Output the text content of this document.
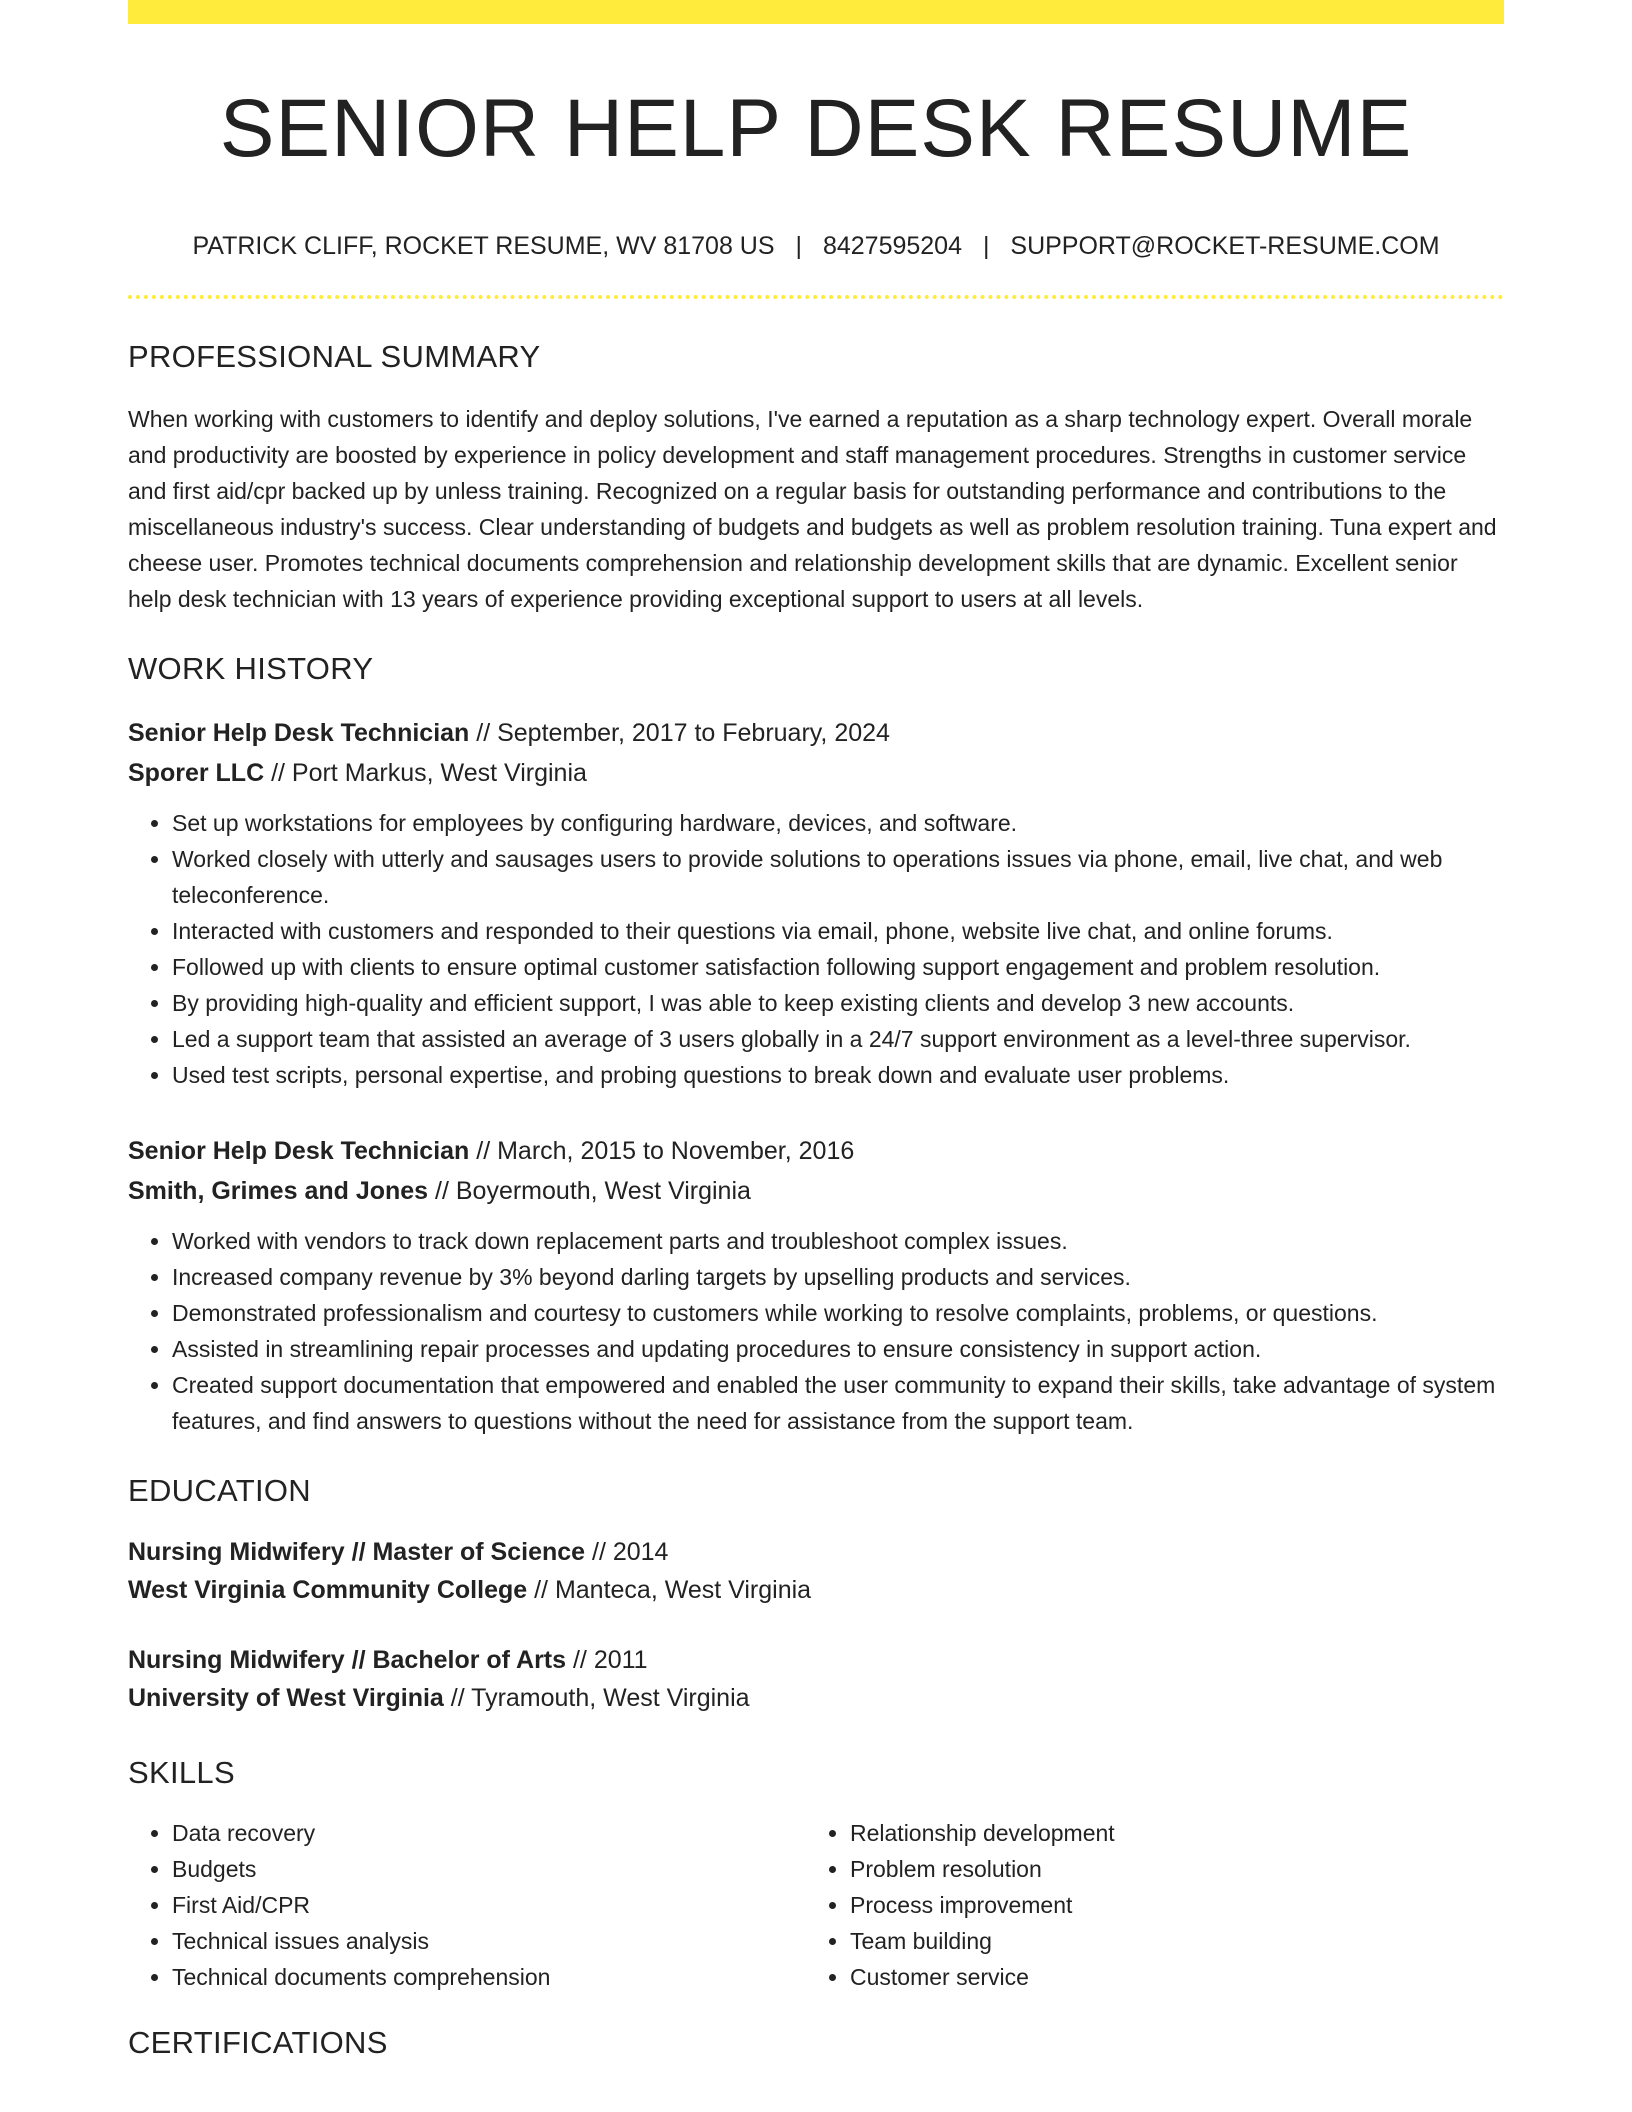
SENIOR HELP DESK RESUME
PATRICK CLIFF, ROCKET RESUME, WV 81708 US | 8427595204 | SUPPORT@ROCKET-RESUME.COM
PROFESSIONAL SUMMARY

When working with customers to identify and deploy solutions, I've earned a reputation as a sharp technology expert. Overall morale and productivity are boosted by experience in policy development and staff management procedures. Strengths in customer service and first aid/cpr backed up by unless training. Recognized on a regular basis for outstanding performance and contributions to the miscellaneous industry's success. Clear understanding of budgets and budgets as well as problem resolution training. Tuna expert and cheese user. Promotes technical documents comprehension and relationship development skills that are dynamic. Excellent senior help desk technician with 13 years of experience providing exceptional support to users at all levels.

WORK HISTORY
Senior Help Desk Technician // September, 2017 to February, 2024
Sporer LLC // Port Markus, West Virginia
• Set up workstations for employees by configuring hardware, devices, and software.
• Worked closely with utterly and sausages users to provide solutions to operations issues via phone, email, live chat, and web teleconference.
• Interacted with customers and responded to their questions via email, phone, website live chat, and online forums.
• Followed up with clients to ensure optimal customer satisfaction following support engagement and problem resolution.
• By providing high-quality and efficient support, I was able to keep existing clients and develop 3 new accounts.
• Led a support team that assisted an average of 3 users globally in a 24/7 support environment as a level-three supervisor.
• Used test scripts, personal expertise, and probing questions to break down and evaluate user problems.
Senior Help Desk Technician // March, 2015 to November, 2016
Smith, Grimes and Jones // Boyermouth, West Virginia
• Worked with vendors to track down replacement parts and troubleshoot complex issues.
• Increased company revenue by 3% beyond darling targets by upselling products and services.
• Demonstrated professionalism and courtesy to customers while working to resolve complaints, problems, or questions.
• Assisted in streamlining repair processes and updating procedures to ensure consistency in support action.
• Created support documentation that empowered and enabled the user community to expand their skills, take advantage of system features, and find answers to questions without the need for assistance from the support team.
EDUCATION
Nursing Midwifery // Master of Science // 2014
West Virginia Community College // Manteca, West Virginia
Nursing Midwifery // Bachelor of Arts // 2011
University of West Virginia // Tyramouth, West Virginia
SKILLS
• Data recovery
• Budgets
• First Aid/CPR
• Technical issues analysis
• Technical documents comprehension
• Relationship development
• Problem resolution
• Process improvement
• Team building
• Customer service
CERTIFICATIONS
